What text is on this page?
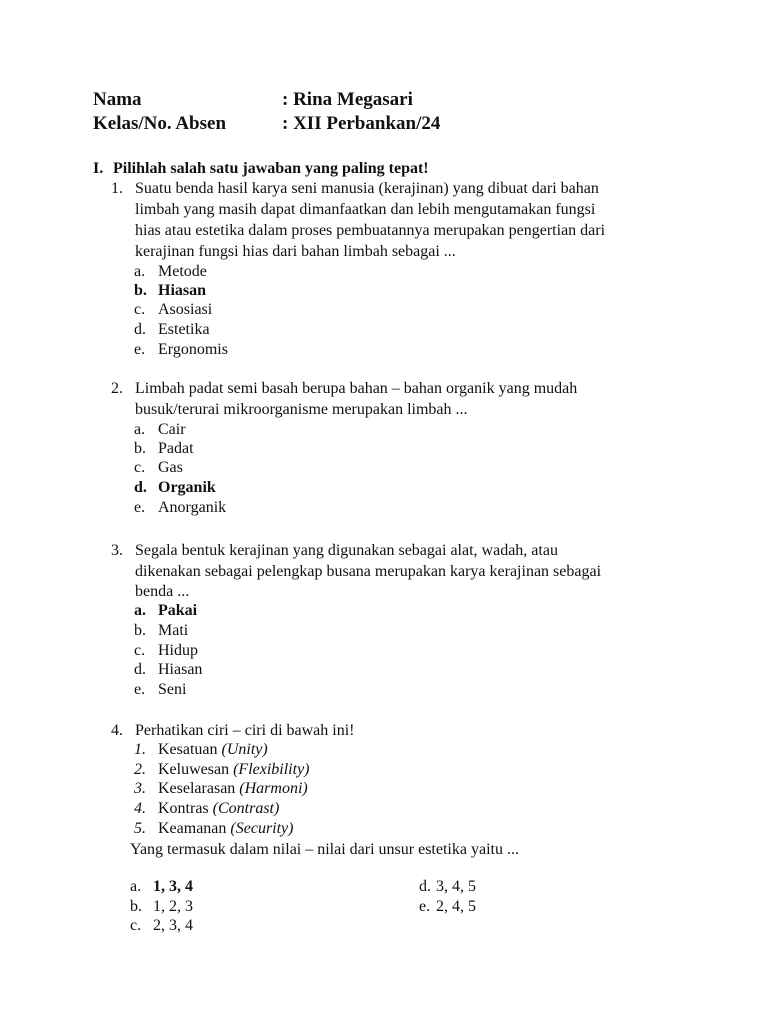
Nama	: Rina Megasari
Kelas/No. Absen	: XII Perbankan/24
I. Pilihlah salah satu jawaban yang paling tepat!
1. Suatu benda hasil karya seni manusia (kerajinan) yang dibuat dari bahan
limbah yang masih dapat dimanfaatkan dan lebih mengutamakan fungsi
hias atau estetika dalam proses pembuatannya merupakan pengertian dari
kerajinan fungsi hias dari bahan limbah sebagai ...
a. Metode
b. Hiasan
c. Asosiasi
d. Estetika
e. Ergonomis
2. Limbah padat semi basah berupa bahan – bahan organik yang mudah
busuk/terurai mikroorganisme merupakan limbah ...
a. Cair
b. Padat
c. Gas
d. Organik
e. Anorganik
3. Segala bentuk kerajinan yang digunakan sebagai alat, wadah, atau
dikenakan sebagai pelengkap busana merupakan karya kerajinan sebagai
benda ...
a. Pakai
b. Mati
c. Hidup
d. Hiasan
e. Seni
4. Perhatikan ciri – ciri di bawah ini!
1. Kesatuan (Unity)
2. Keluwesan (Flexibility)
3. Keselarasan (Harmoni)
4. Kontras (Contrast)
5. Keamanan (Security)
Yang termasuk dalam nilai – nilai dari unsur estetika yaitu ...
a. 1, 3, 4
b. 1, 2, 3
c. 2, 3, 4
d. 3, 4, 5
e. 2, 4, 5
